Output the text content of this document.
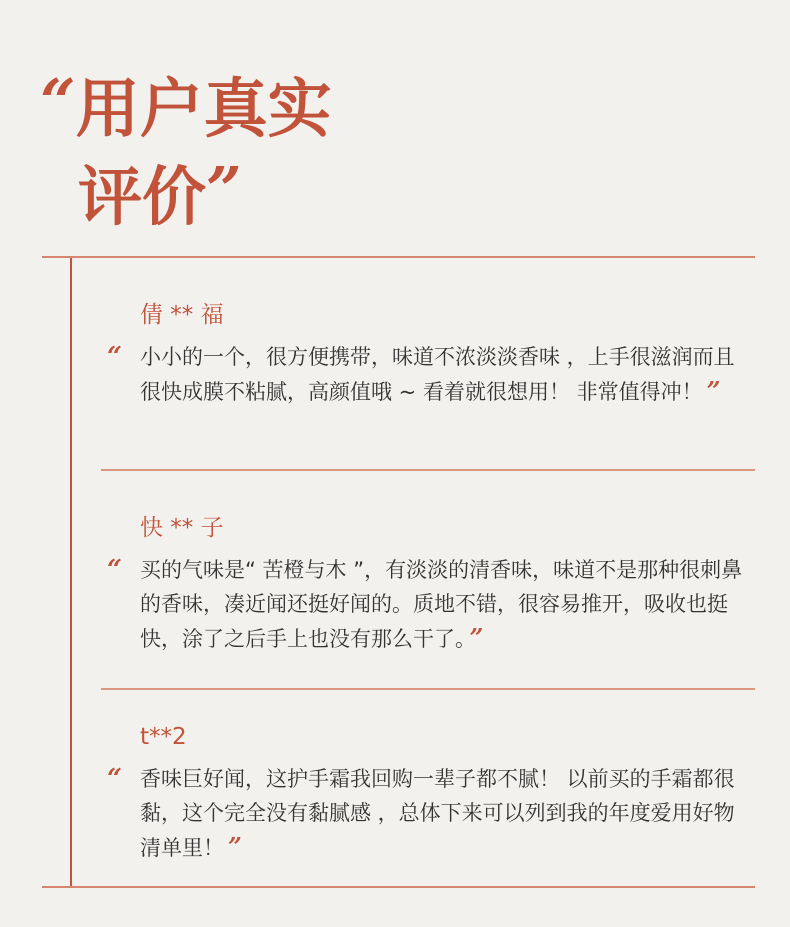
“用户真实
评价”
倩 ** 福
“ 小小的一个，很方便携带，味道不浓淡淡香味 ，上手很滋润而且很快成膜不粘腻，高颜值哦 ~ 看着就很想用！ 非常值得冲！ ”
快 ** 子
“ 买的气味是“ 苦橙与木 ”，有淡淡的清香味，味道不是那种很刺鼻的香味，凑近闻还挺好闻的。质地不错，很容易推开，吸收也挺快，涂了之后手上也没有那么干了。 ”
t**2
“ 香味巨好闻，这护手霜我回购一辈子都不腻！ 以前买的手霜都很黏，这个完全没有黏腻感 ，总体下来可以列到我的年度爱用好物清单里！ ”
